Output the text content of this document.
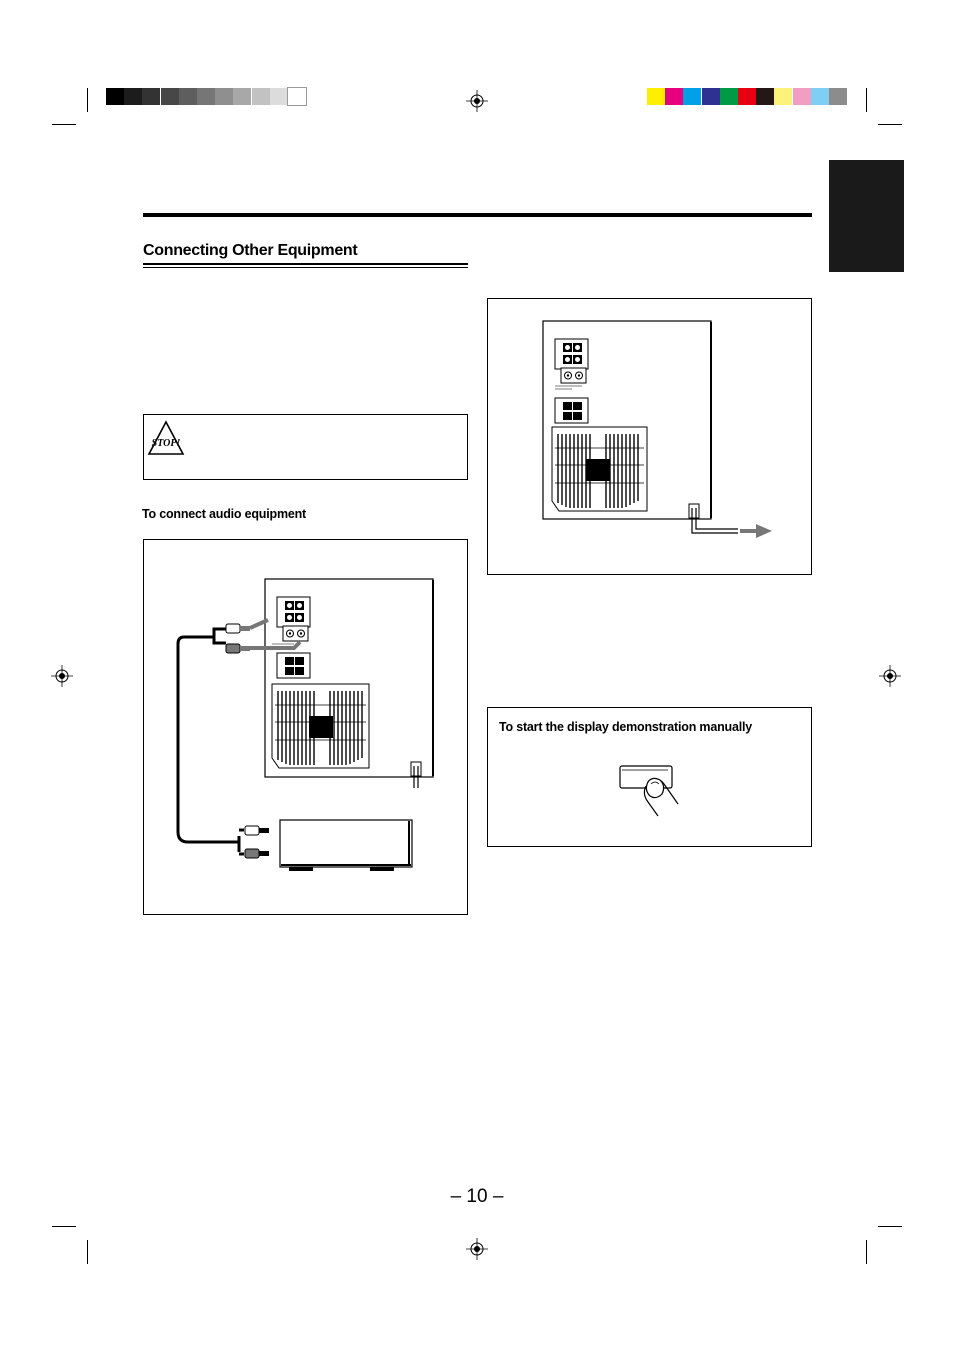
Connecting Other Equipment
STOP!
To connect audio equipment
To start the display demonstration manually
– 10 –
